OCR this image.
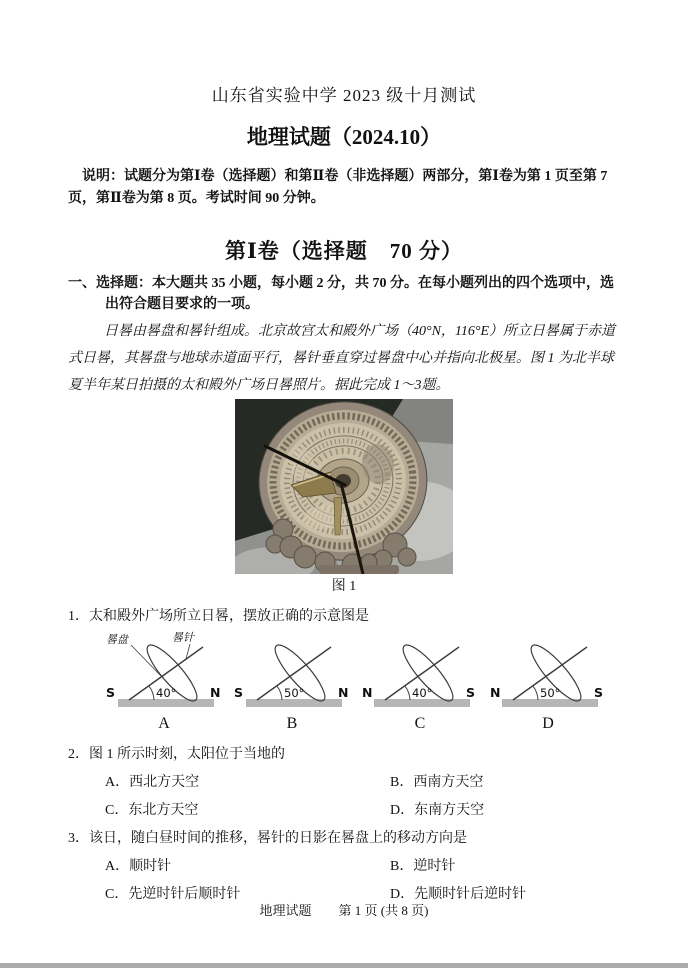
山东省实验中学 2023 级十月测试
地理试题（2024.10）
说明：试题分为第Ⅰ卷（选择题）和第Ⅱ卷（非选择题）两部分，第Ⅰ卷为第 1 页至第 7 页，第Ⅱ卷为第 8 页。考试时间 90 分钟。
第Ⅰ卷（选择题　70 分）
一、选择题：本大题共 35 小题，每小题 2 分，共 70 分。在每小题列出的四个选项中，选出符合题目要求的一项。
日晷由晷盘和晷针组成。北京故宫太和殿外广场（40°N，116°E）所立日晷属于赤道式日晷，其晷盘与地球赤道面平行，晷针垂直穿过晷盘中心并指向北极星。图 1 为北半球夏半年某日拍摄的太和殿外广场日晷照片。据此完成 1～3题。
图 1
1．太和殿外广场所立日晷，摆放正确的示意图是
40°
S	N
晷盘	晷针
50°
S	N	40°
N	S	50°
N	S
A	B	C	D
2．图 1 所示时刻，太阳位于当地的
A．西北方天空	B．西南方天空
C．东北方天空	D．东南方天空
3．该日，随白昼时间的推移，晷针的日影在晷盘上的移动方向是
A．顺时针	B．逆时针
C．先逆时针后顺时针	D．先顺时针后逆时针
地理试题 第 1 页 (共 8 页)
